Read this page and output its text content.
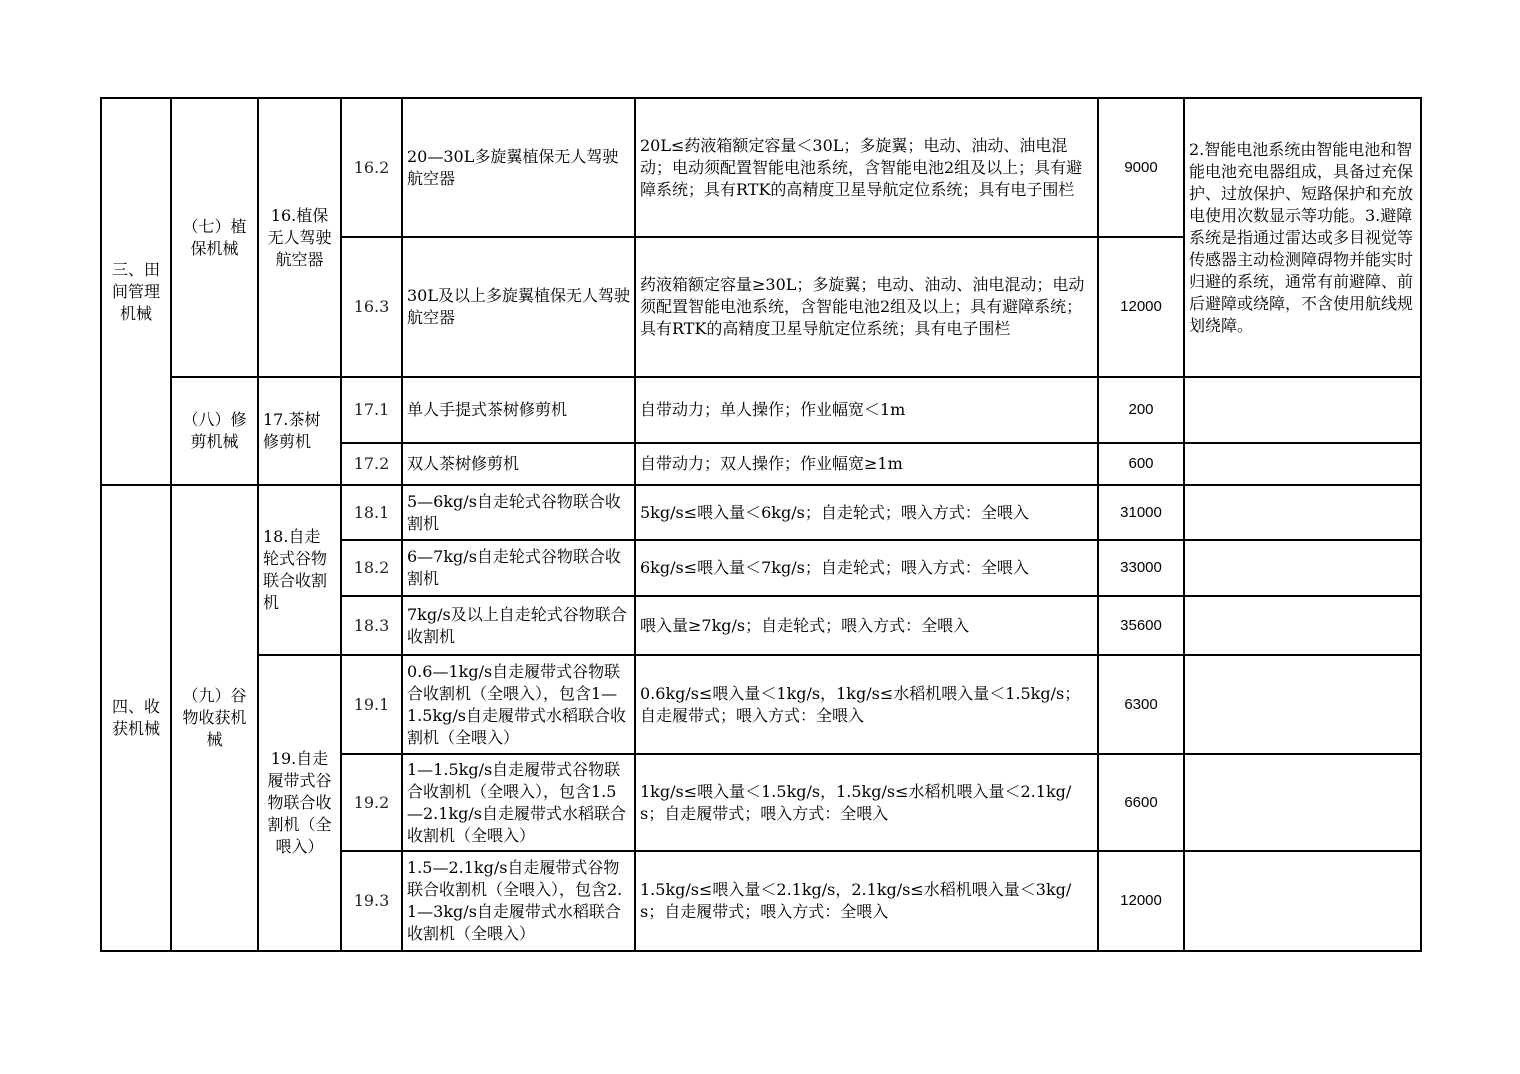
三、田间管理机械	（七）植保机械	16.植保无人驾驶航空器	16.2	20—30L多旋翼植保无人驾驶航空器	20L≤药液箱额定容量＜30L；多旋翼；电动、油动、油电混动；电动须配置智能电池系统，含智能电池2组及以上；具有避障系统；具有RTK的高精度卫星导航定位系统；具有电子围栏	9000	2.智能电池系统由智能电池和智能电池充电器组成，具备过充保护、过放保护、短路保护和充放电使用次数显示等功能。3.避障系统是指通过雷达或多目视觉等传感器主动检测障碍物并能实时归避的系统，通常有前避障、前后避障或绕障，不含使用航线规划绕障。
			16.3	30L及以上多旋翼植保无人驾驶航空器	药液箱额定容量≥30L；多旋翼；电动、油动、油电混动；电动须配置智能电池系统，含智能电池2组及以上；具有避障系统；具有RTK的高精度卫星导航定位系统；具有电子围栏	12000	
	（八）修剪机械	17.茶树修剪机	17.1	单人手提式茶树修剪机	自带动力；单人操作；作业幅宽＜1m	200	
			17.2	双人茶树修剪机	自带动力；双人操作；作业幅宽≥1m	600	
四、收获机械	（九）谷物收获机械	18.自走轮式谷物联合收割机	18.1	5—6kg/s自走轮式谷物联合收割机	5kg/s≤喂入量＜6kg/s；自走轮式；喂入方式：全喂入	31000	
			18.2	6—7kg/s自走轮式谷物联合收割机	6kg/s≤喂入量＜7kg/s；自走轮式；喂入方式：全喂入	33000	
			18.3	7kg/s及以上自走轮式谷物联合收割机	喂入量≥7kg/s；自走轮式；喂入方式：全喂入	35600	
		19.自走履带式谷物联合收割机（全喂入）	19.1	0.6—1kg/s自走履带式谷物联合收割机（全喂入），包含1—1.5kg/s自走履带式水稻联合收割机（全喂入）	0.6kg/s≤喂入量＜1kg/s，1kg/s≤水稻机喂入量＜1.5kg/s；自走履带式；喂入方式：全喂入	6300	
			19.2	1—1.5kg/s自走履带式谷物联合收割机（全喂入），包含1.5—2.1kg/s自走履带式水稻联合收割机（全喂入）	1kg/s≤喂入量＜1.5kg/s，1.5kg/s≤水稻机喂入量＜2.1kg/s；自走履带式；喂入方式：全喂入	6600	
			19.3	1.5—2.1kg/s自走履带式谷物联合收割机（全喂入），包含2.1—3kg/s自走履带式水稻联合收割机（全喂入）	1.5kg/s≤喂入量＜2.1kg/s，2.1kg/s≤水稻机喂入量＜3kg/s；自走履带式；喂入方式：全喂入	12000	
